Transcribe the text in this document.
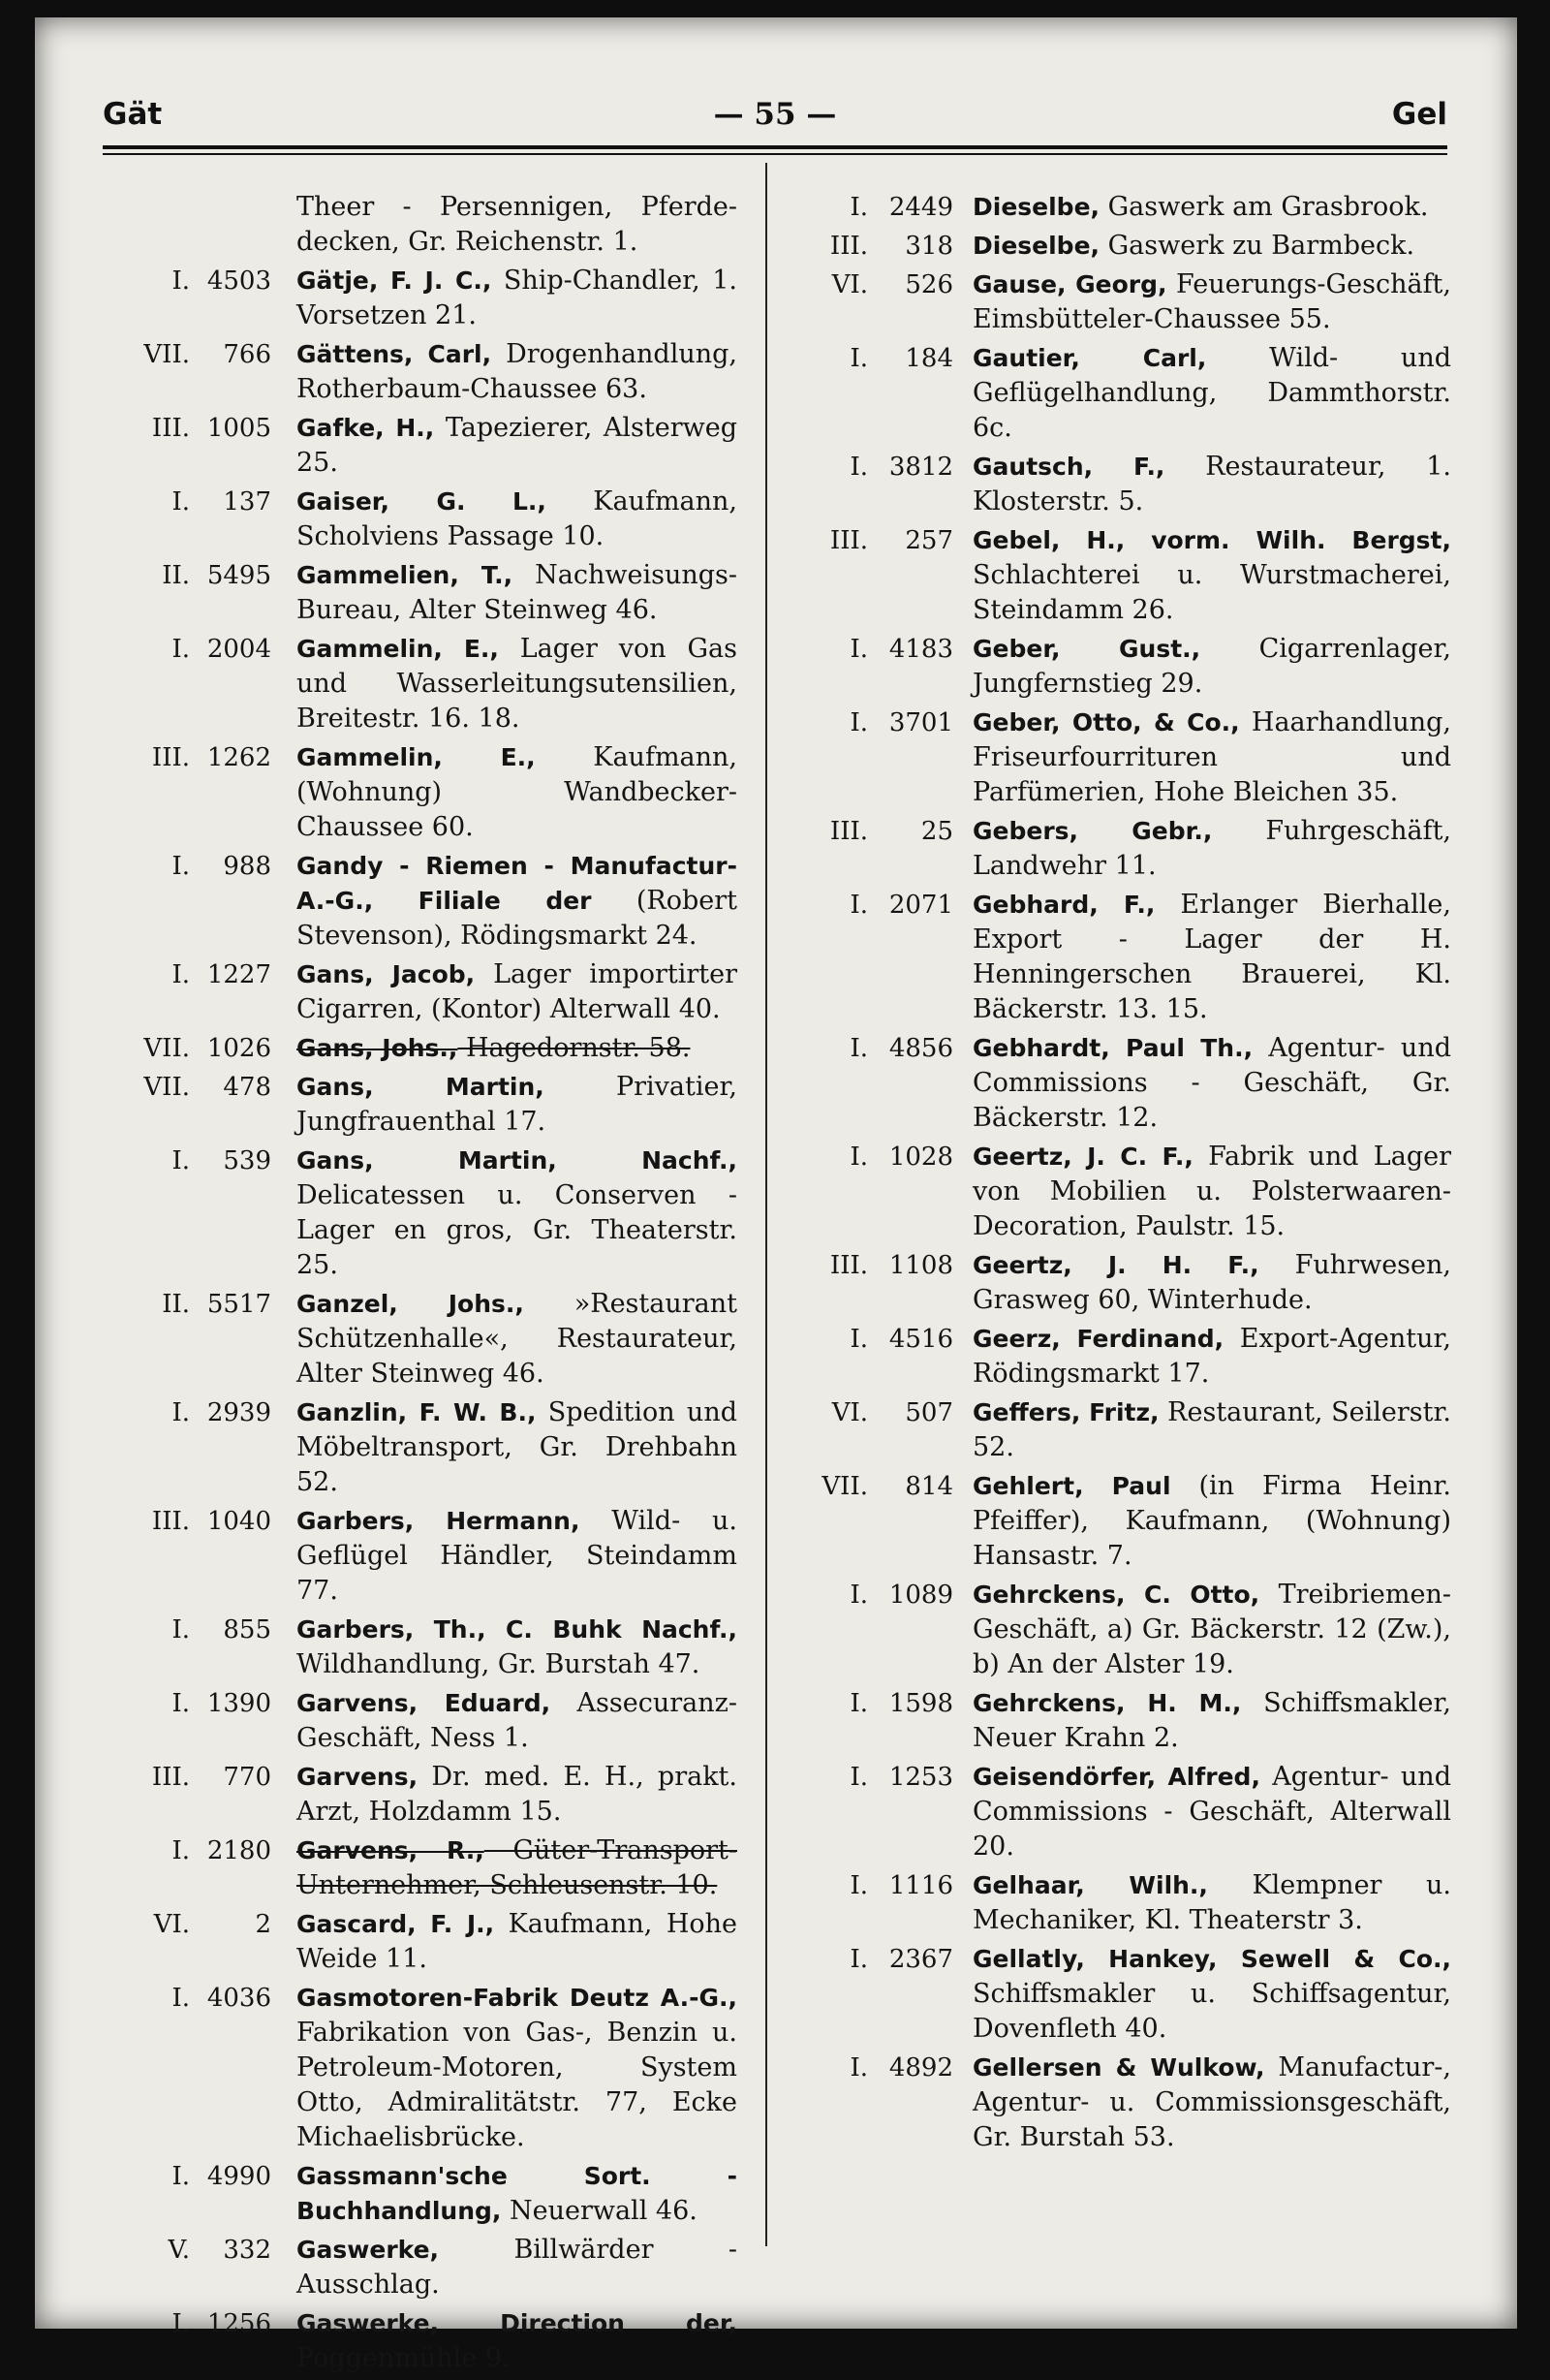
Gät	— 55 —	Gel
Theer - Persennigen, Pferde-decken, Gr. Reichenstr. 1.
I. 4503 Gätje, F. J. C., Ship-Chandler, 1. Vorsetzen 21.
VII.	766 Gättens, Carl, Drogenhandlung, Rotherbaum-Chaussee 63.
III. 1005 Gafke, H., Tapezierer, Alsterweg 25.
I.	137 Gaiser, G. L., Kaufmann, Scholviens Passage 10.
II. 5495 Gammelien, T., Nachweisungs-Bureau, Alter Steinweg 46.
I. 2004 Gammelin, E., Lager von Gas und Wasserleitungsutensilien, Breitestr. 16. 18.
III. 1262 Gammelin, E., Kaufmann, (Wohnung) Wandbecker-Chaussee 60.
I.	988 Gandy - Riemen - Manufactur-A.-G., Filiale der (Robert Stevenson), Rödingsmarkt 24.
I. 1227 Gans, Jacob, Lager importirter Cigarren, (Kontor) Alterwall 40.
VII. 1026 Gans, Johs., Hagedornstr. 58.
VII.	478 Gans, Martin, Privatier, Jungfrauenthal 17.
I.	539 Gans, Martin, Nachf., Delicatessen u. Conserven - Lager en gros, Gr. Theaterstr. 25.
II. 5517 Ganzel, Johs., »Restaurant Schützenhalle«, Restaurateur, Alter Steinweg 46.
I. 2939 Ganzlin, F. W. B., Spedition und Möbeltransport, Gr. Drehbahn 52.
III. 1040 Garbers, Hermann, Wild- u. Geflügel Händler, Steindamm 77.
I.	855 Garbers, Th., C. Buhk Nachf., Wildhandlung, Gr. Burstah 47.
I. 1390 Garvens, Eduard, Assecuranz-Geschäft, Ness 1.
III.	770 Garvens, Dr. med. E. H., prakt. Arzt, Holzdamm 15.
I. 2180 Garvens, R., Güter-Transport-Unternehmer, Schleusenstr. 10.
VI.	2 Gascard, F. J., Kaufmann, Hohe Weide 11.
I. 4036 Gasmotoren-Fabrik Deutz A.-G., Fabrikation von Gas-, Benzin u. Petroleum-Motoren, System Otto, Admiralitätstr. 77, Ecke Michaelisbrücke.
I. 4990 Gassmann'sche Sort. - Buchhandlung, Neuerwall 46.
V.	332 Gaswerke, Billwärder - Ausschlag.
I. 1256 Gaswerke, Direction der, Poggenmühle 9.
I. 2449 Dieselbe, Gaswerk am Grasbrook.
III.	318 Dieselbe, Gaswerk zu Barmbeck.
VI.	526 Gause, Georg, Feuerungs-Geschäft, Eimsbütteler-Chaussee 55.
I.	184 Gautier, Carl, Wild- und Geflügelhandlung, Dammthorstr. 6c.
I. 3812 Gautsch, F., Restaurateur, 1. Klosterstr. 5.
III.	257 Gebel, H., vorm. Wilh. Bergst, Schlachterei u. Wurstmacherei, Steindamm 26.
I. 4183 Geber, Gust., Cigarrenlager, Jungfernstieg 29.
I. 3701 Geber, Otto, & Co., Haarhandlung, Friseurfourrituren und Parfümerien, Hohe Bleichen 35.
III.	25 Gebers, Gebr., Fuhrgeschäft, Landwehr 11.
I. 2071 Gebhard, F., Erlanger Bierhalle, Export - Lager der H. Henningerschen Brauerei, Kl. Bäckerstr. 13. 15.
I. 4856 Gebhardt, Paul Th., Agentur- und Commissions - Geschäft, Gr. Bäckerstr. 12.
I. 1028 Geertz, J. C. F., Fabrik und Lager von Mobilien u. Polsterwaaren-Decoration, Paulstr. 15.
III. 1108 Geertz, J. H. F., Fuhrwesen, Grasweg 60, Winterhude.
I. 4516 Geerz, Ferdinand, Export-Agentur, Rödingsmarkt 17.
VI.	507 Geffers, Fritz, Restaurant, Seilerstr. 52.
VII.	814 Gehlert, Paul (in Firma Heinr. Pfeiffer), Kaufmann, (Wohnung) Hansastr. 7.
I. 1089 Gehrckens, C. Otto, Treibriemen-Geschäft, a) Gr. Bäckerstr. 12 (Zw.), b) An der Alster 19.
I. 1598 Gehrckens, H. M., Schiffsmakler, Neuer Krahn 2.
I. 1253 Geisendörfer, Alfred, Agentur- und Commissions - Geschäft, Alterwall 20.
I. 1116 Gelhaar, Wilh., Klempner u. Mechaniker, Kl. Theaterstr 3.
I. 2367 Gellatly, Hankey, Sewell & Co., Schiffsmakler u. Schiffsagentur, Dovenfleth 40.
I. 4892 Gellersen & Wulkow, Manufactur-, Agentur- u. Commissionsgeschäft, Gr. Burstah 53.
